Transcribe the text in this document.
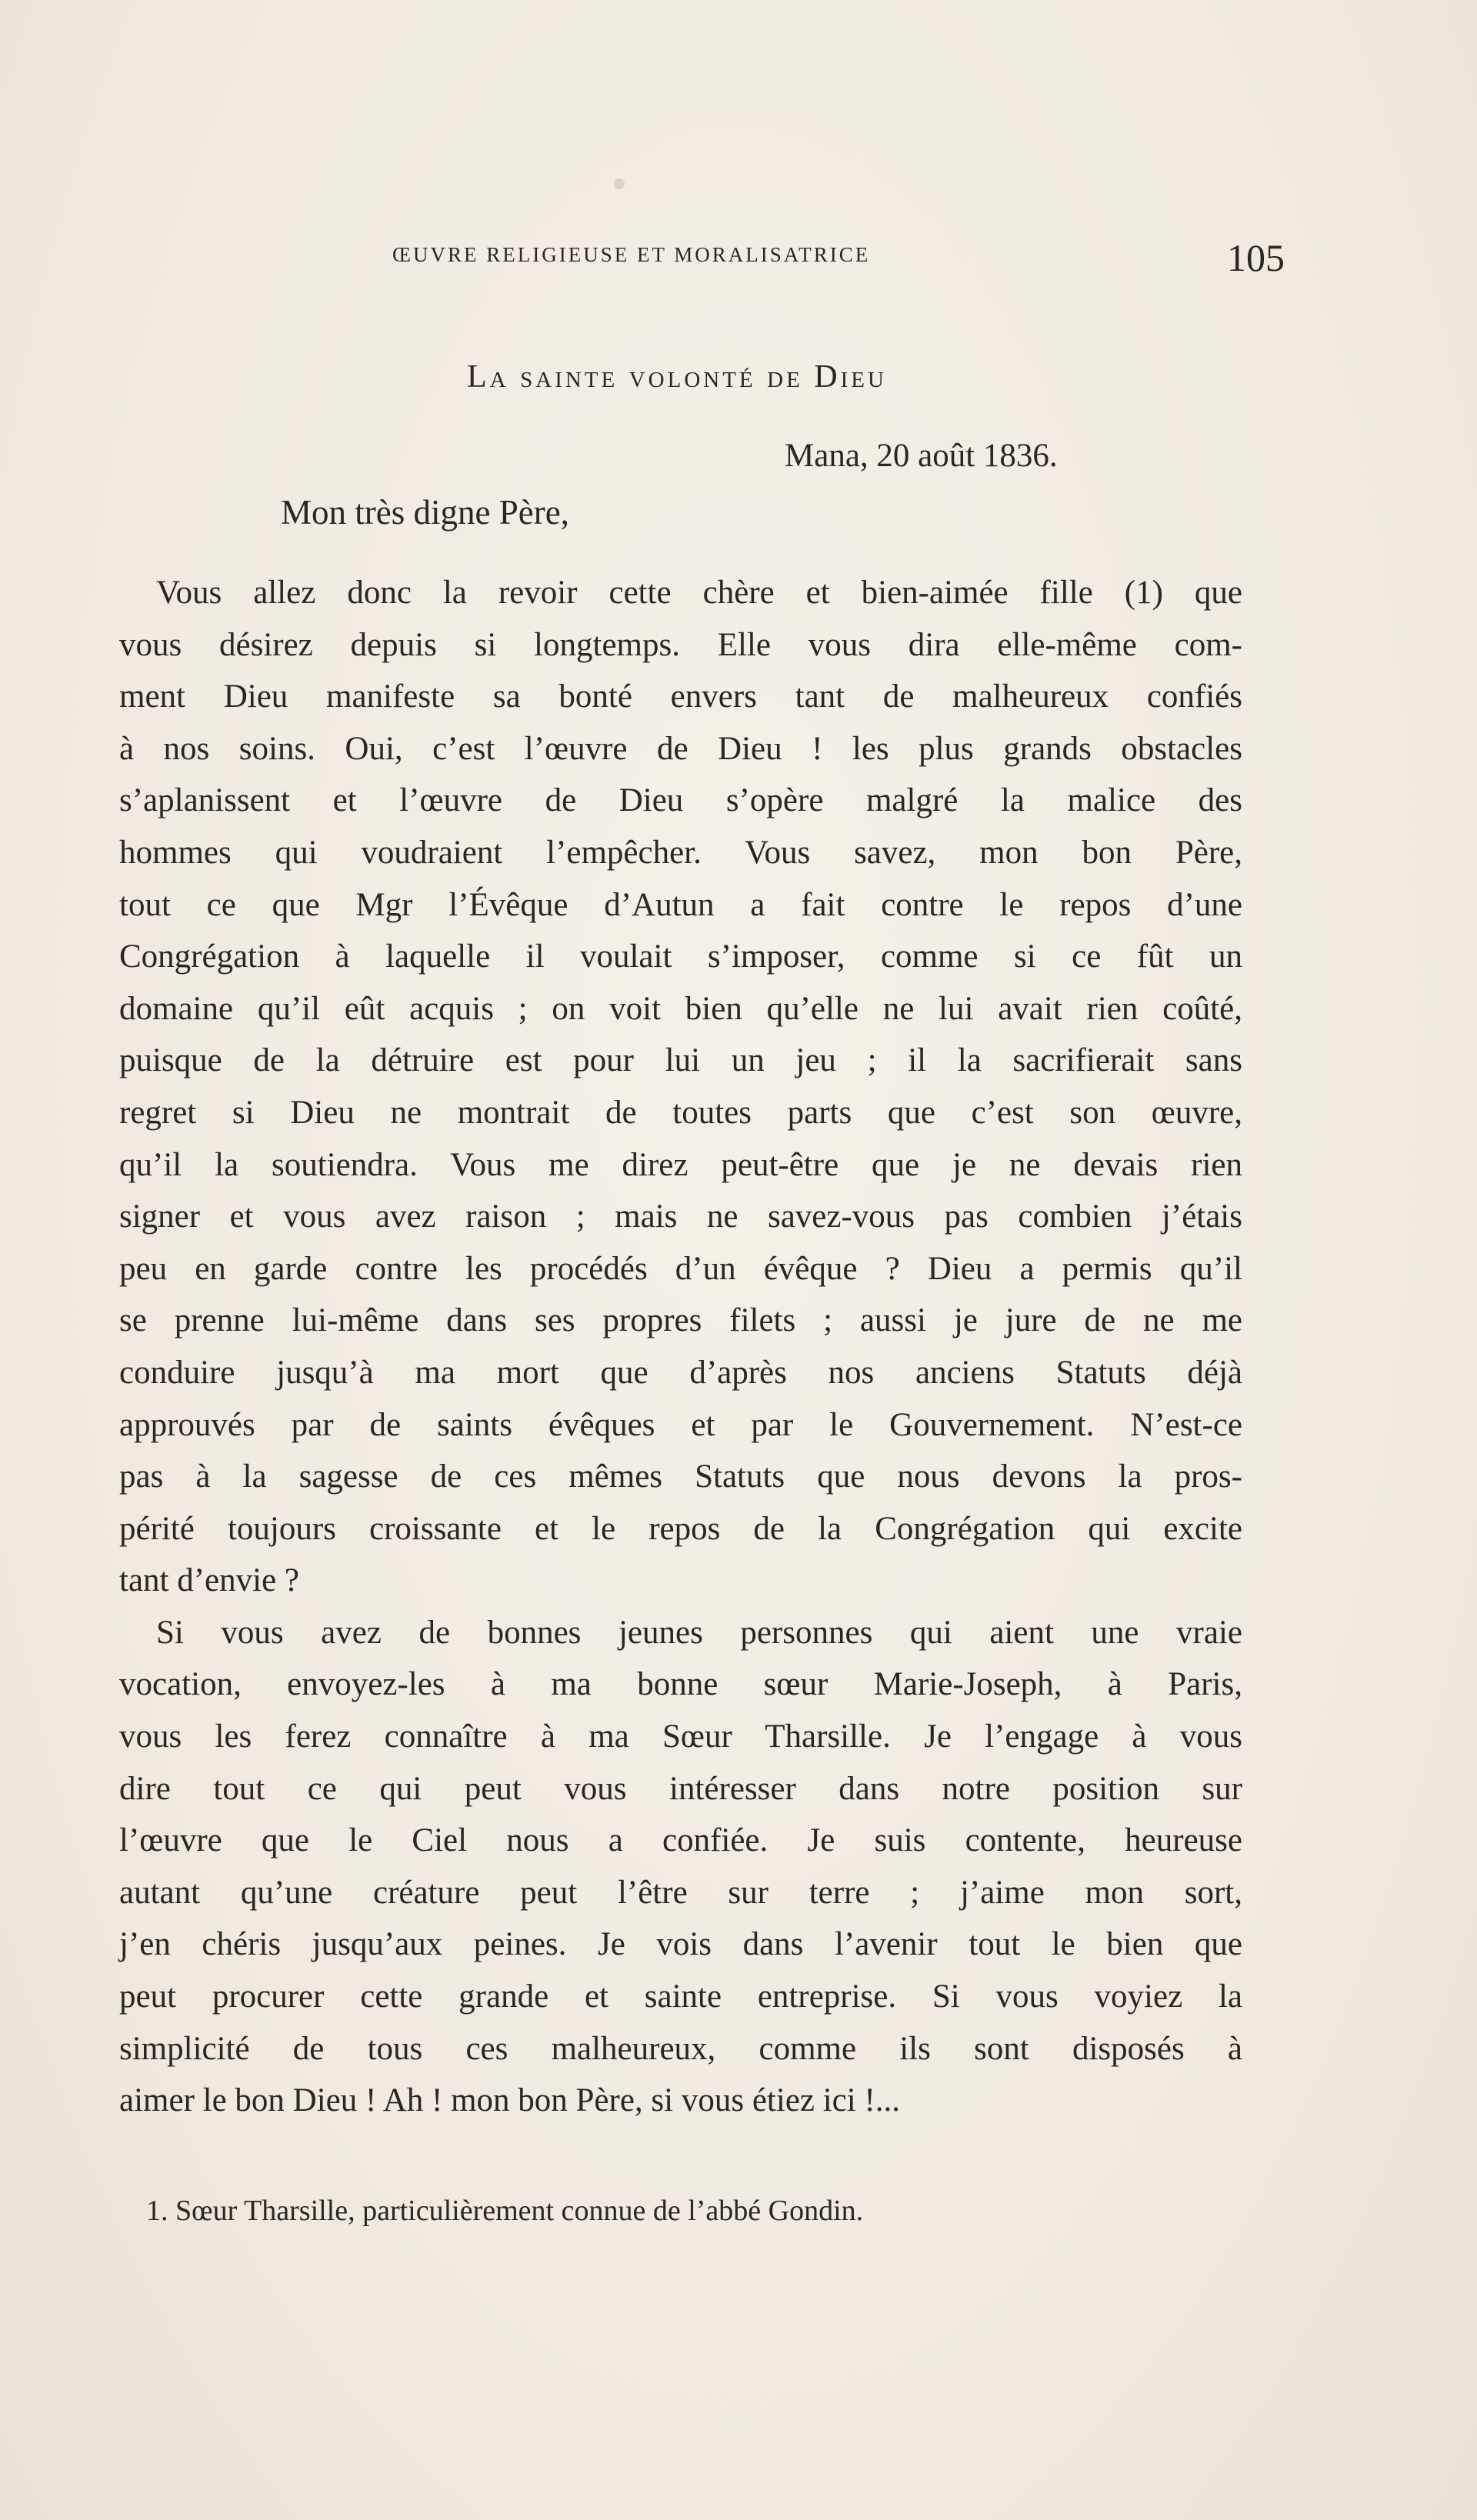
ŒUVRE RELIGIEUSE ET MORALISATRICE	105
La sainte volonté de Dieu
Mana, 20 août 1836.
Mon très digne Père,
Vous allez donc la revoir cette chère et bien-aimée fille (1) que
vous désirez depuis si longtemps. Elle vous dira elle-même com-
ment Dieu manifeste sa bonté envers tant de malheureux confiés
à nos soins. Oui, c’est l’œuvre de Dieu ! les plus grands obstacles
s’aplanissent et l’œuvre de Dieu s’opère malgré la malice des
hommes qui voudraient l’empêcher. Vous savez, mon bon Père,
tout ce que Mgr l’Évêque d’Autun a fait contre le repos d’une
Congrégation à laquelle il voulait s’imposer, comme si ce fût un
domaine qu’il eût acquis ; on voit bien qu’elle ne lui avait rien coûté,
puisque de la détruire est pour lui un jeu ; il la sacrifierait sans
regret si Dieu ne montrait de toutes parts que c’est son œuvre,
qu’il la soutiendra. Vous me direz peut-être que je ne devais rien
signer et vous avez raison ; mais ne savez-vous pas combien j’étais
peu en garde contre les procédés d’un évêque ? Dieu a permis qu’il
se prenne lui-même dans ses propres filets ; aussi je jure de ne me
conduire jusqu’à ma mort que d’après nos anciens Statuts déjà
approuvés par de saints évêques et par le Gouvernement. N’est-ce
pas à la sagesse de ces mêmes Statuts que nous devons la pros-
périté toujours croissante et le repos de la Congrégation qui excite
tant d’envie ?
Si vous avez de bonnes jeunes personnes qui aient une vraie
vocation, envoyez-les à ma bonne sœur Marie-Joseph, à Paris,
vous les ferez connaître à ma Sœur Tharsille. Je l’engage à vous
dire tout ce qui peut vous intéresser dans notre position sur
l’œuvre que le Ciel nous a confiée. Je suis contente, heureuse
autant qu’une créature peut l’être sur terre ; j’aime mon sort,
j’en chéris jusqu’aux peines. Je vois dans l’avenir tout le bien que
peut procurer cette grande et sainte entreprise. Si vous voyiez la
simplicité de tous ces malheureux, comme ils sont disposés à
aimer le bon Dieu ! Ah ! mon bon Père, si vous étiez ici !...
1. Sœur Tharsille, particulièrement connue de l’abbé Gondin.
